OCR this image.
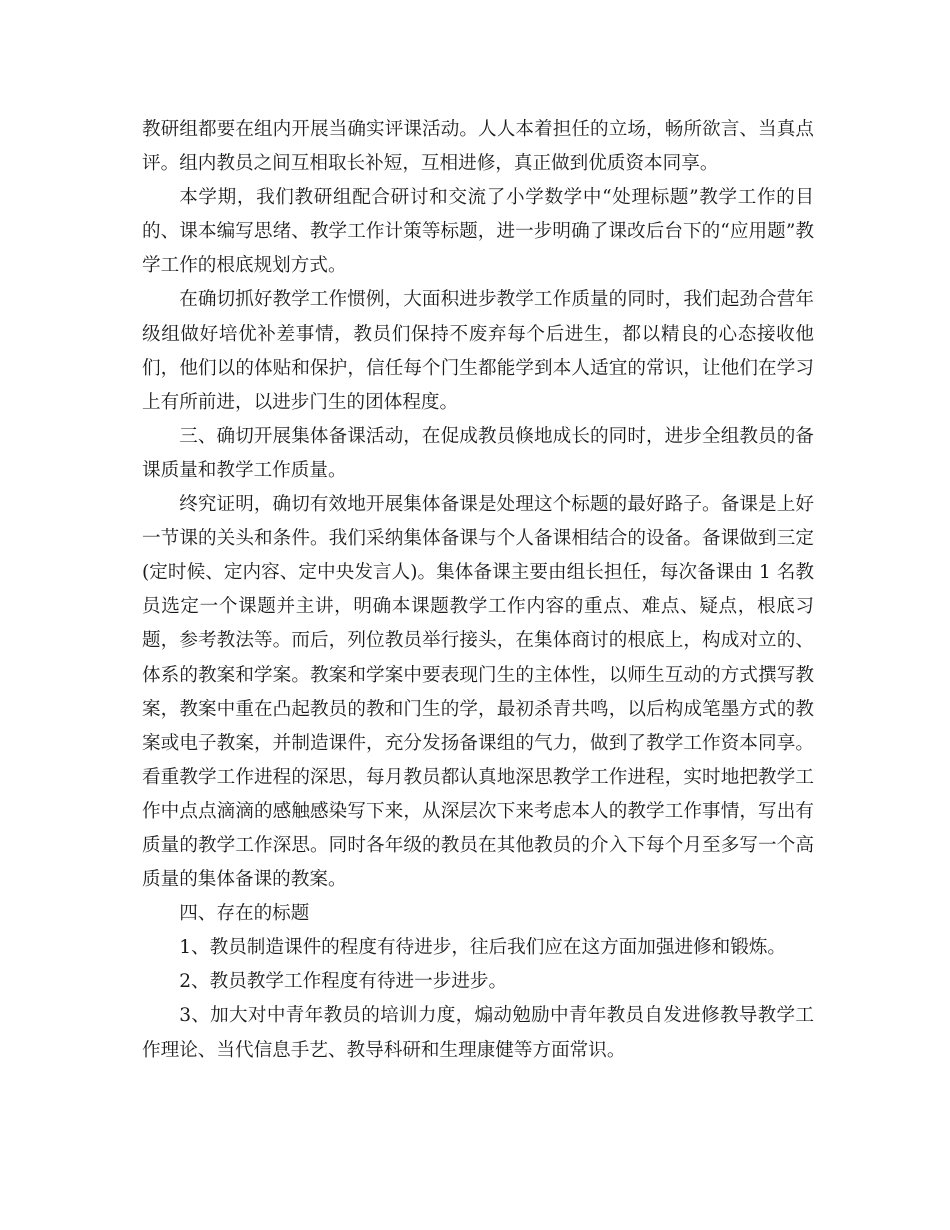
教研组都要在组内开展当确实评课活动。人人本着担任的立场，畅所欲言、当真点评。组内教员之间互相取长补短，互相进修，真正做到优质资本同享。

本学期，我们教研组配合研讨和交流了小学数学中“处理标题”教学工作的目的、课本编写思绪、教学工作计策等标题，进一步明确了课改后台下的“应用题”教学工作的根底规划方式。

在确切抓好教学工作惯例，大面积进步教学工作质量的同时，我们起劲合营年级组做好培优补差事情，教员们保持不废弃每个后进生，都以精良的心态接收他们，他们以的体贴和保护，信任每个门生都能学到本人适宜的常识，让他们在学习上有所前进，以进步门生的团体程度。

三、确切开展集体备课活动，在促成教员倏地成长的同时，进步全组教员的备课质量和教学工作质量。

终究证明，确切有效地开展集体备课是处理这个标题的最好路子。备课是上好一节课的关头和条件。我们采纳集体备课与个人备课相结合的设备。备课做到三定(定时候、定内容、定中央发言人)。集体备课主要由组长担任，每次备课由 1 名教员选定一个课题并主讲，明确本课题教学工作内容的重点、难点、疑点，根底习题，参考教法等。而后，列位教员举行接头，在集体商讨的根底上，构成对立的、体系的教案和学案。教案和学案中要表现门生的主体性，以师生互动的方式撰写教案，教案中重在凸起教员的教和门生的学，最初杀青共鸣，以后构成笔墨方式的教案或电子教案，并制造课件，充分发扬备课组的气力，做到了教学工作资本同享。看重教学工作进程的深思，每月教员都认真地深思教学工作进程，实时地把教学工作中点点滴滴的感触感染写下来，从深层次下来考虑本人的教学工作事情，写出有质量的教学工作深思。同时各年级的教员在其他教员的介入下每个月至多写一个高质量的集体备课的教案。

四、存在的标题

1、教员制造课件的程度有待进步，往后我们应在这方面加强进修和锻炼。

2、教员教学工作程度有待进一步进步。

3、加大对中青年教员的培训力度，煽动勉励中青年教员自发进修教导教学工作理论、当代信息手艺、教导科研和生理康健等方面常识。
